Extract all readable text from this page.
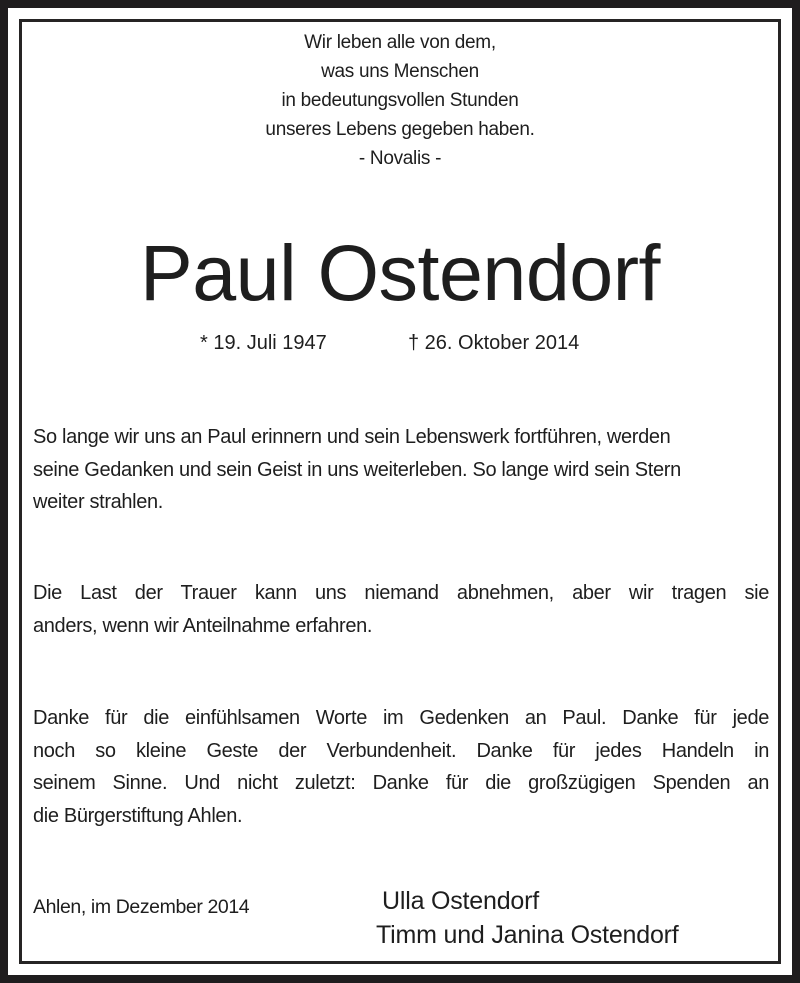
Wir leben alle von dem,
was uns Menschen
in bedeutungsvollen Stunden
unseres Lebens gegeben haben.
- Novalis -
Paul Ostendorf
* 19. Juli 1947	† 26. Oktober 2014
So lange wir uns an Paul erinnern und sein Lebenswerk fortführen, werden
seine Gedanken und sein Geist in uns weiterleben. So lange wird sein Stern
weiter strahlen.
Die Last der Trauer kann uns niemand abnehmen, aber wir tragen sie
anders, wenn wir Anteilnahme erfahren.
Danke für die einfühlsamen Worte im Gedenken an Paul. Danke für jede
noch so kleine Geste der Verbundenheit. Danke für jedes Handeln in
seinem Sinne. Und nicht zuletzt: Danke für die großzügigen Spenden an
die Bürgerstiftung Ahlen.
Ahlen, im Dezember 2014	Ulla Ostendorf
Timm und Janina Ostendorf
